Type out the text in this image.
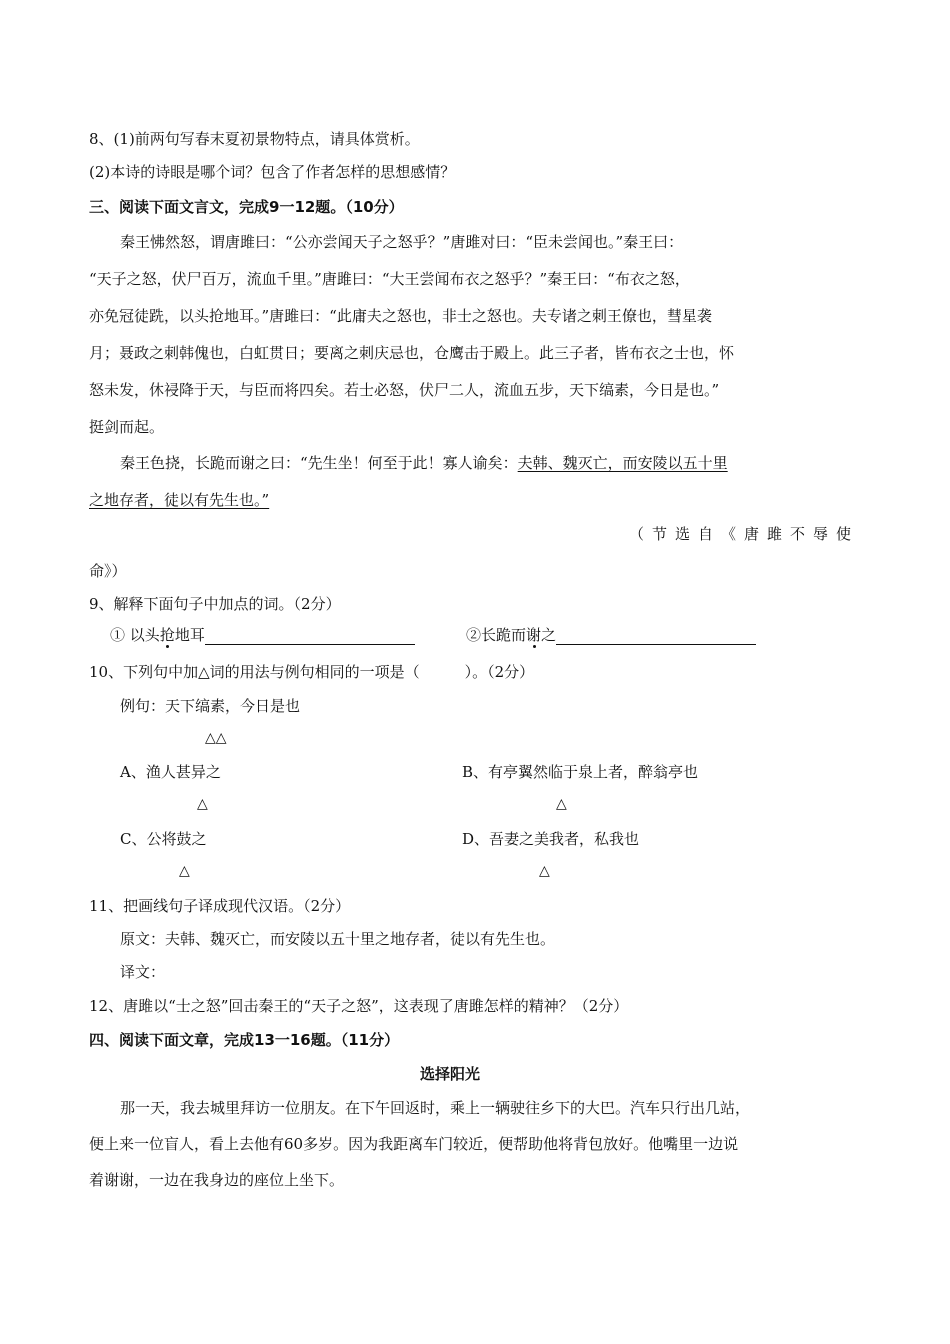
8、(1)前两句写春末夏初景物特点，请具体赏析。
(2)本诗的诗眼是哪个词？包含了作者怎样的思想感情？
三、阅读下面文言文，完成9一12题。（10分）
秦王怫然怒，谓唐雎曰：“公亦尝闻天子之怒乎？”唐雎对曰：“臣未尝闻也。”秦王曰：
“天子之怒，伏尸百万，流血千里。”唐雎曰：“大王尝闻布衣之怒乎？”秦王曰：“布衣之怒，
亦免冠徒跣，以头抢地耳。”唐雎曰：“此庸夫之怒也，非士之怒也。夫专诸之刺王僚也，彗星袭
月；聂政之刺韩傀也，白虹贯日；要离之刺庆忌也，仓鹰击于殿上。此三子者，皆布衣之士也，怀
怒未发，休祲降于天，与臣而将四矣。若士必怒，伏尸二人，流血五步，天下缟素，今日是也。”
挺剑而起。
秦王色挠，长跪而谢之曰：“先生坐！何至于此！寡人谕矣：夫韩、魏灭亡，而安陵以五十里
之地存者，徒以有先生也。”
（节选自《唐雎不辱使
命》）
9、解释下面句子中加点的词。（2分）
① 以头抢地耳	②长跪而谢之
10、下列句中加△词的用法与例句相同的一项是（　　　）。（2分）
例句：天下缟素，今日是也
△△
A、渔人甚异之	B、有亭翼然临于泉上者，醉翁亭也
△	△
C、公将鼓之	D、吾妻之美我者，私我也
△	△
11、把画线句子译成现代汉语。（2分）
原文：夫韩、魏灭亡，而安陵以五十里之地存者，徒以有先生也。
译文：
12、唐雎以“士之怒”回击秦王的“天子之怒”，这表现了唐雎怎样的精神？（2分）
四、阅读下面文章，完成13一16题。（11分）
选择阳光
那一天，我去城里拜访一位朋友。在下午回返时，乘上一辆驶往乡下的大巴。汽车只行出几站，
便上来一位盲人，看上去他有60多岁。因为我距离车门较近，便帮助他将背包放好。他嘴里一边说
着谢谢，一边在我身边的座位上坐下。
